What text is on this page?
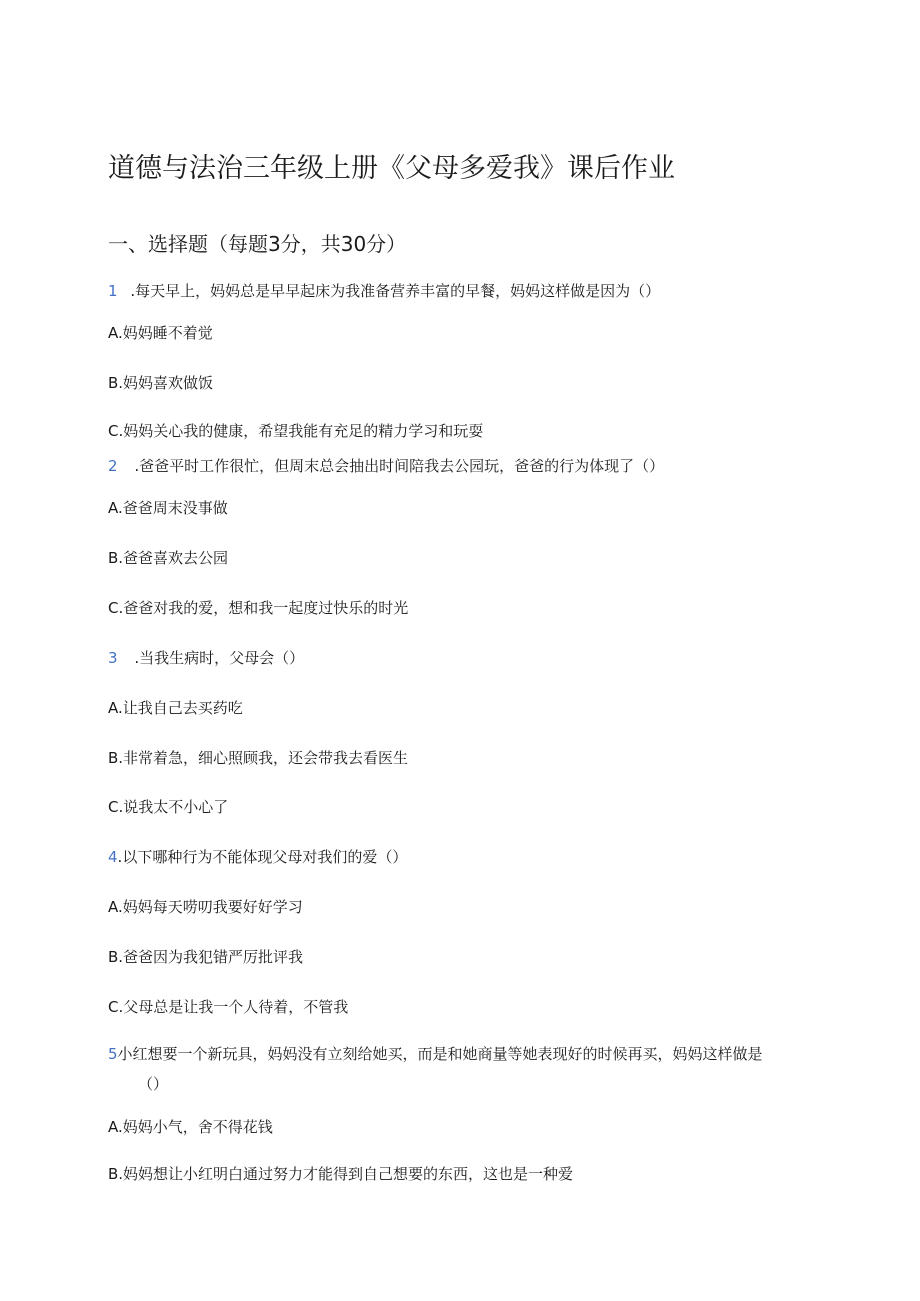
道德与法治三年级上册《父母多爱我》课后作业
一、选择题（每题3分，共30分）
1 .每天早上，妈妈总是早早起床为我准备营养丰富的早餐，妈妈这样做是因为（）
A.妈妈睡不着觉
B.妈妈喜欢做饭
C.妈妈关心我的健康，希望我能有充足的精力学习和玩耍
2 .爸爸平时工作很忙，但周末总会抽出时间陪我去公园玩，爸爸的行为体现了（）
A.爸爸周末没事做
B.爸爸喜欢去公园
C.爸爸对我的爱，想和我一起度过快乐的时光
3 .当我生病时，父母会（）
A.让我自己去买药吃
B.非常着急，细心照顾我，还会带我去看医生
C.说我太不小心了
4.以下哪种行为不能体现父母对我们的爱（）
A.妈妈每天唠叨我要好好学习
B.爸爸因为我犯错严厉批评我
C.父母总是让我一个人待着，不管我
5小红想要一个新玩具，妈妈没有立刻给她买，而是和她商量等她表现好的时候再买，妈妈这样做是
（）
A.妈妈小气，舍不得花钱
B.妈妈想让小红明白通过努力才能得到自己想要的东西，这也是一种爱
